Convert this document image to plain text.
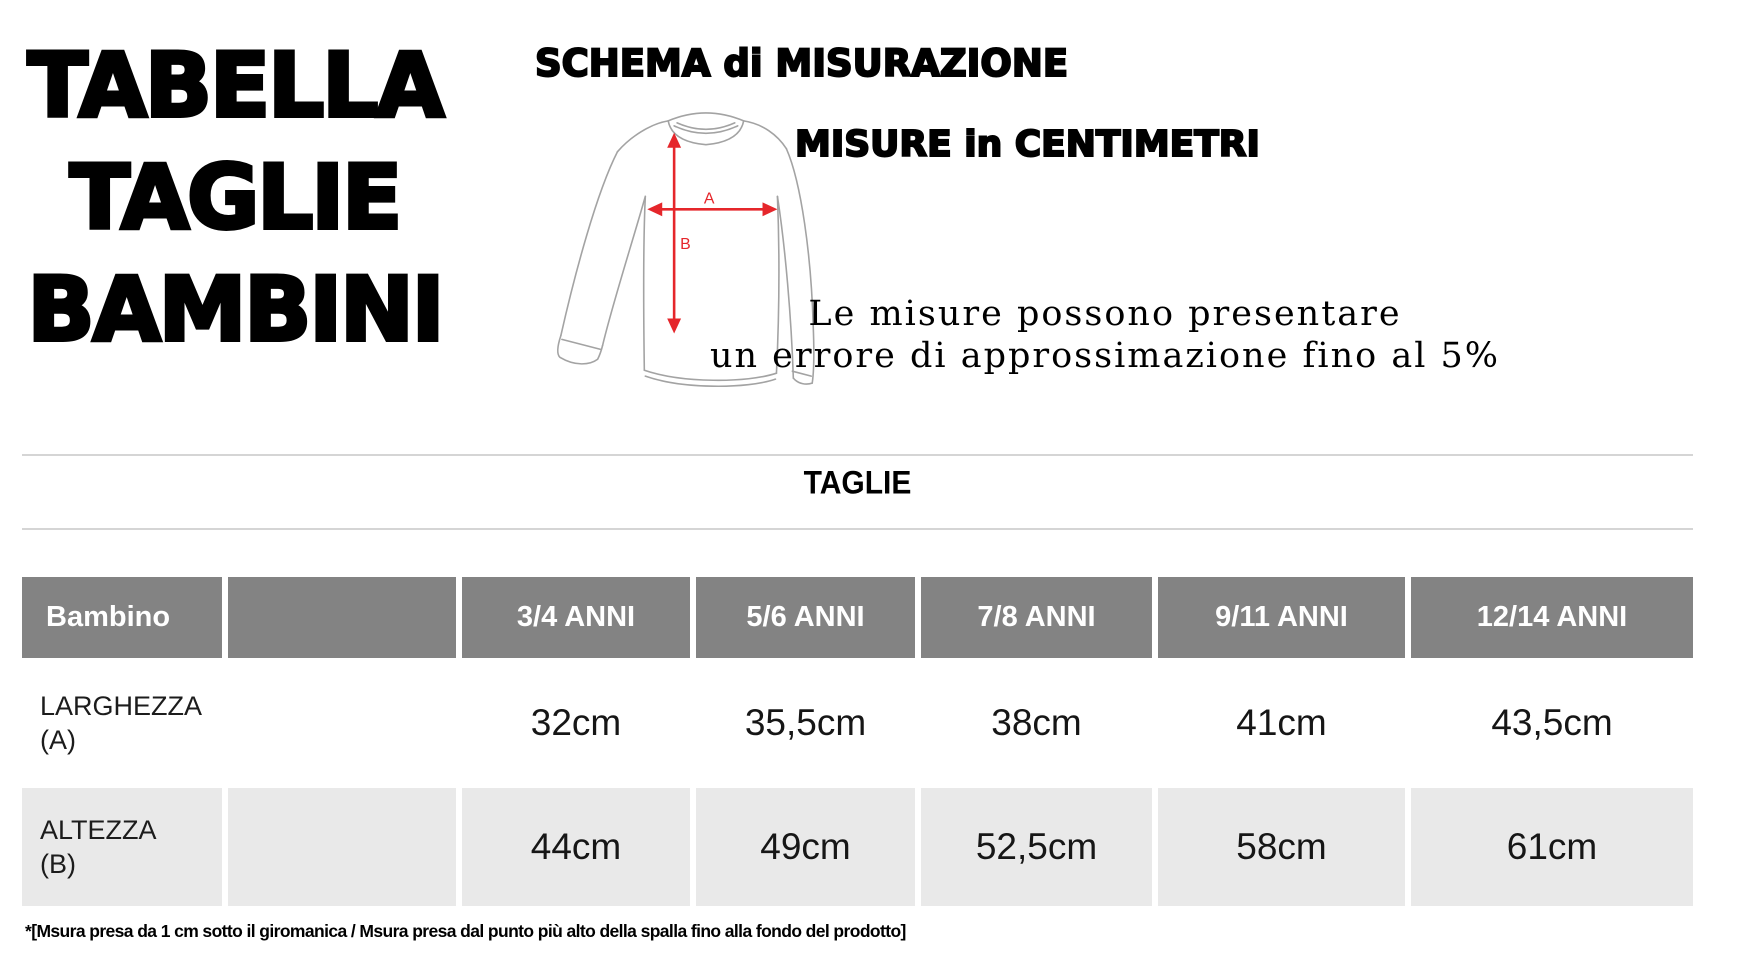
TABELLA
TAGLIE
BAMBINI
SCHEMA di MISURAZIONE
MISURE in CENTIMETRI
A
B
Le misure possono presentare
un errore di approssimazione fino al 5%
TAGLIE
Bambino	3/4 ANNI	5/6 ANNI	7/8 ANNI	9/11 ANNI	12/14 ANNI
LARGHEZZA
(A)	32cm	35,5cm	38cm	41cm	43,5cm
ALTEZZA
(B)	44cm	49cm	52,5cm	58cm	61cm
*[Msura presa da 1 cm sotto il giromanica / Msura presa dal punto più alto della spalla fino alla fondo del prodotto]
